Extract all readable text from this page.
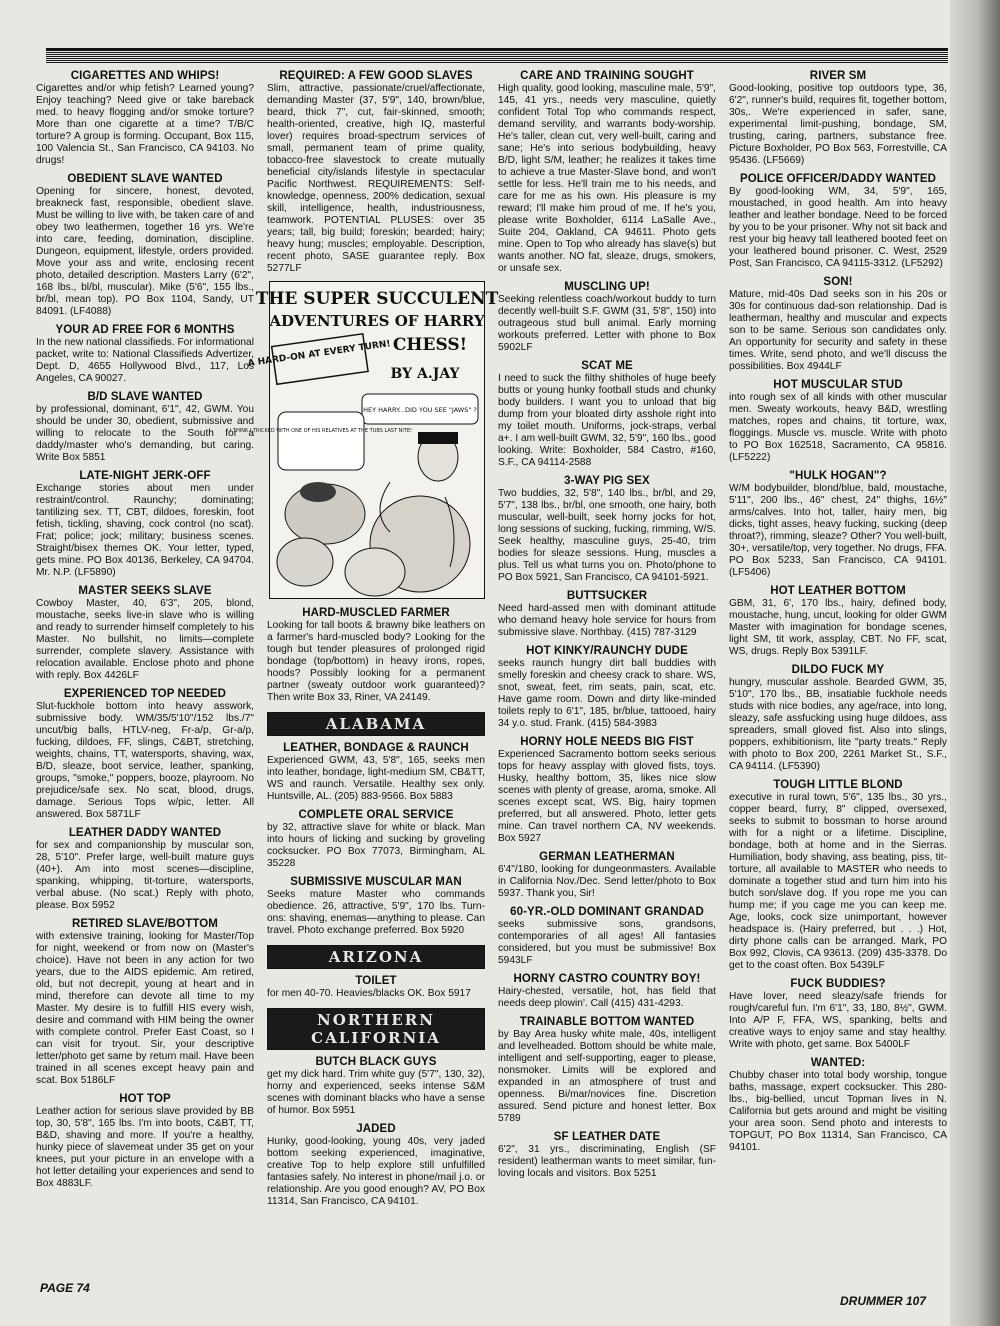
CIGARETTES AND WHIPS!

Cigarettes and/or whip fetish? Learned young? Enjoy teaching? Need give or take bareback med. to heavy flogging and/or smoke torture? More than one cigarette at a time? T/B/C torture? A group is forming. Occupant, Box 115, 100 Valencia St., San Francisco, CA 94103. No drugs!

OBEDIENT SLAVE WANTED

Opening for sincere, honest, devoted, breakneck fast, responsible, obedient slave. Must be willing to live with, be taken care of and obey two leathermen, together 16 yrs. We're into care, feeding, domination, discipline. Dungeon, equipment, lifestyle, orders provided. Move your ass and write, enclosing recent photo, detailed description. Masters Larry (6'2", 168 lbs., bl/bl, muscular). Mike (5'6", 155 lbs., br/bl, mean top). PO Box 1104, Sandy, UT 84091. (LF4088)

YOUR AD FREE FOR 6 MONTHS

In the new national classifieds. For informational packet, write to: National Classifieds Advertizer, Dept. D, 4655 Hollywood Blvd., 117, Los Angeles, CA 90027.

B/D SLAVE WANTED

by professional, dominant, 6'1", 42, GWM. You should be under 30, obedient, submissive and willing to relocate to the South for a daddy/master who's demanding, but caring. Write Box 5851

LATE-NIGHT JERK-OFF

Exchange stories about men under restraint/control. Raunchy; dominating; tantilizing sex. TT, CBT, dildoes, foreskin, foot fetish, tickling, shaving, cock control (no scat). Frat; police; jock; military; business scenes. Straight/bisex themes OK. Your letter, typed, gets mine. PO Box 40136, Berkeley, CA 94704. Mr. N.P. (LF5890)

MASTER SEEKS SLAVE

Cowboy Master, 40, 6'3", 205, blond, moustache, seeks live-in slave who is willing and ready to surrender himself completely to his Master. No bullshit, no limits—complete surrender, complete slavery. Assistance with relocation available. Enclose photo and phone with reply. Box 4426LF

EXPERIENCED TOP NEEDED

Slut-fuckhole bottom into heavy asswork, submissive body. WM/35/5'10"/152 lbs./7" uncut/big balls, HTLV-neg, Fr-a/p, Gr-a/p, fucking, dildoes, FF, slings, C&BT, stretching, weights, chains, TT, watersports, shaving, wax, B/D, sleaze, boot service, leather, spanking, groups, "smoke," poppers, booze, playroom. No prejudice/safe sex. No scat, blood, drugs, damage. Serious Tops w/pic, letter. All answered. Box 5871LF

LEATHER DADDY WANTED

for sex and companionship by muscular son, 28, 5'10". Prefer large, well-built mature guys (40+). Am into most scenes—discipline, spanking, whipping, tit-torture, watersports, verbal abuse. (No scat.) Reply with photo, please. Box 5952

RETIRED SLAVE/BOTTOM

with extensive training, looking for Master/Top for night, weekend or from now on (Master's choice). Have not been in any action for two years, due to the AIDS epidemic. Am retired, old, but not decrepit, young at heart and in mind, therefore can devote all time to my Master. My desire is to fulfill HIS every wish, desire and command with HIM being the owner with complete control. Prefer East Coast, so I can visit for tryout. Sir, your descriptive letter/photo get same by return mail. Have been trained in all scenes except heavy pain and scat. Box 5186LF

HOT TOP

Leather action for serious slave provided by BB top, 30, 5'8", 165 lbs. I'm into boots, C&BT, TT, B&D, shaving and more. If you're a healthy, hunky piece of slavemeat under 35 get on your knees, put your picture in an envelope with a hot letter detailing your experiences and send to Box 4883LF.

REQUIRED: A FEW GOOD SLAVES

Slim, attractive, passionate/cruel/affectionate, demanding Master (37, 5'9", 140, brown/blue, beard, thick 7", cut, fair-skinned, smooth; health-oriented, creative, high IQ, masterful lover) requires broad-spectrum services of small, permanent team of prime quality, tobacco-free slavestock to create mutually beneficial city/islands lifestyle in spectacular Pacific Northwest. REQUIREMENTS: Self-knowledge, openness, 200% dedication, sexual skill, intelligence, health, industriousness, teamwork. POTENTIAL PLUSES: over 35 years; tall, big build; foreskin; bearded; hairy; heavy hung; muscles; employable. Description, recent photo, SASE guarantee reply. Box 5277LF

THE SUPER SUCCULENT
ADVENTURES OF HARRY
CHESS!
A HARD-ON AT EVERY TURN!
BY A.JAY
HEY HARRY...DID YOU SEE "JAWS" ?
I THINK I TRICKED WITH ONE OF HIS RELATIVES AT THE TUBS LAST NITE!
HARD-MUSCLED FARMER

Looking for tall boots & brawny bike leathers on a farmer's hard-muscled body? Looking for the tough but tender pleasures of prolonged rigid bondage (top/bottom) in heavy irons, ropes, hoods? Possibly looking for a permanent partner (sweaty outdoor work guaranteed)? Then write Box 33, Riner, VA 24149.

ALABAMA
LEATHER, BONDAGE & RAUNCH

Experienced GWM, 43, 5'8", 165, seeks men into leather, bondage, light-medium SM, CB&TT, WS and raunch. Versatile. Healthy sex only. Huntsville, AL. (205) 883-9566. Box 5883

COMPLETE ORAL SERVICE

by 32, attractive slave for white or black. Man into hours of licking and sucking by groveling cocksucker. PO Box 77073, Birmingham, AL 35228

SUBMISSIVE MUSCULAR MAN

Seeks mature Master who commands obedience. 26, attractive, 5'9", 170 lbs. Turn-ons: shaving, enemas—anything to please. Can travel. Photo exchange preferred. Box 5920

ARIZONA
TOILET

for men 40-70. Heavies/blacks OK. Box 5917

NORTHERN
CALIFORNIA
BUTCH BLACK GUYS

get my dick hard. Trim white guy (5'7", 130, 32), horny and experienced, seeks intense S&M scenes with dominant blacks who have a sense of humor. Box 5951

JADED

Hunky, good-looking, young 40s, very jaded bottom seeking experienced, imaginative, creative Top to help explore still unfulfilled fantasies safely. No interest in phone/mail j.o. or relationship. Are you good enough? AV, PO Box 11314, San Francisco, CA 94101.

CARE AND TRAINING SOUGHT

High quality, good looking, masculine male, 5'9", 145, 41 yrs., needs very masculine, quietly confident Total Top who commands respect, demand servility, and warrants body-worship. He's taller, clean cut, very well-built, caring and sane; He's into serious bodybuilding, heavy B/D, light S/M, leather; he realizes it takes time to achieve a true Master-Slave bond, and won't settle for less. He'll train me to his needs, and care for me as his own. His pleasure is my reward; I'll make him proud of me. If he's you, please write Boxholder, 6114 LaSalle Ave., Suite 204, Oakland, CA 94611. Photo gets mine. Open to Top who already has slave(s) but wants another. NO fat, sleaze, drugs, smokers, or unsafe sex.

MUSCLING UP!

Seeking relentless coach/workout buddy to turn decently well-built S.F. GWM (31, 5'8", 150) into outrageous stud bull animal. Early morning workouts preferred. Letter with phone to Box 5902LF

SCAT ME

I need to suck the filthy shitholes of huge beefy butts or young hunky football studs and chunky body builders. I want you to unload that big dump from your bloated dirty asshole right into my toilet mouth. Uniforms, jock-straps, verbal a+. I am well-built GWM, 32, 5'9", 160 lbs., good looking. Write: Boxholder, 584 Castro, #160, S.F., CA 94114-2588

3-WAY PIG SEX

Two buddies, 32, 5'8", 140 lbs., br/bl, and 29, 5'7", 138 lbs., br/bl, one smooth, one hairy, both muscular, well-built, seek horny jocks for hot, long sessions of sucking, fucking, rimming, W/S. Seek healthy, masculine guys, 25-40, trim bodies for sleaze sessions. Hung, muscles a plus. Tell us what turns you on. Photo/phone to PO Box 5921, San Francisco, CA 94101-5921.

BUTTSUCKER

Need hard-assed men with dominant attitude who demand heavy hole service for hours from submissive slave. Northbay. (415) 787-3129

HOT KINKY/RAUNCHY DUDE

seeks raunch hungry dirt ball buddies with smelly foreskin and cheesy crack to share. WS, snot, sweat, feet, rim seats, pain, scat, etc. Have game room. Down and dirty like-minded toilets reply to 6'1", 185, br/blue, tattooed, hairy 34 y.o. stud. Frank. (415) 584-3983

HORNY HOLE NEEDS BIG FIST

Experienced Sacramento bottom seeks serious tops for heavy assplay with gloved fists, toys. Husky, healthy bottom, 35, likes nice slow scenes with plenty of grease, aroma, smoke. All scenes except scat, WS. Big, hairy topmen preferred, but all answered. Photo, letter gets mine. Can travel northern CA, NV weekends. Box 5927

GERMAN LEATHERMAN

6'4"/180, looking for dungeonmasters. Available in California Nov./Dec. Send letter/photo to Box 5937. Thank you, Sir!

60-YR.-OLD DOMINANT GRANDAD

seeks submissive sons, grandsons, contemporaries of all ages! All fantasies considered, but you must be submissive! Box 5943LF

HORNY CASTRO COUNTRY BOY!

Hairy-chested, versatile, hot, has field that needs deep plowin'. Call (415) 431-4293.

TRAINABLE BOTTOM WANTED

by Bay Area husky white male, 40s, intelligent and levelheaded. Bottom should be white male, intelligent and self-supporting, eager to please, nonsmoker. Limits will be explored and expanded in an atmosphere of trust and openness. Bi/mar/novices fine. Discretion assured. Send picture and honest letter. Box 5789

SF LEATHER DATE

6'2", 31 yrs., discriminating, English (SF resident) leatherman wants to meet similar, fun-loving locals and visitors. Box 5251

RIVER SM

Good-looking, positive top outdoors type, 36, 6'2", runner's build, requires fit, together bottom, 30s,. We're experienced in safer, sane, experimental limit-pushing, bondage, SM, trusting, caring, partners, substance free. Picture Boxholder, PO Box 563, Forrestville, CA 95436. (LF5669)

POLICE OFFICER/DADDY WANTED

By good-looking WM, 34, 5'9", 165, moustached, in good health. Am into heavy leather and leather bondage. Need to be forced by you to be your prisoner. Why not sit back and rest your big heavy tall leathered booted feet on your leathered bound prisoner. C. West, 2529 Post, San Francisco, CA 94115-3312. (LF5292)

SON!

Mature, mid-40s Dad seeks son in his 20s or 30s for continuous dad-son relationship. Dad is leatherman, healthy and muscular and expects son to be same. Serious son candidates only. An opportunity for security and safety in these times. Write, send photo, and we'll discuss the possibilities. Box 4944LF

HOT MUSCULAR STUD

into rough sex of all kinds with other muscular men. Sweaty workouts, heavy B&D, wrestling matches, ropes and chains, tit torture, wax, floggings. Muscle vs. muscle. Write with photo to PO Box 162518, Sacramento, CA 95816. (LF5222)

"HULK HOGAN"?

W/M bodybuilder, blond/blue, bald, moustache, 5'11", 200 lbs., 46" chest, 24" thighs, 16½" arms/calves. Into hot, taller, hairy men, big dicks, tight asses, heavy fucking, sucking (deep throat?), rimming, sleaze? Other? You well-built, 30+, versatile/top, very together. No drugs, FFA. PO Box 5233, San Francisco, CA 94101. (LF5406)

HOT LEATHER BOTTOM

GBM, 31, 6', 170 lbs., hairy, defined body, moustache, hung, uncut, looking for older GWM Master with imagination for bondage scenes, light SM, tit work, assplay, CBT. No FF, scat, WS, drugs. Reply Box 5391LF.

DILDO FUCK MY

hungry, muscular asshole. Bearded GWM, 35, 5'10", 170 lbs., BB, insatiable fuckhole needs studs with nice bodies, any age/race, into long, sleazy, safe assfucking using huge dildoes, ass spreaders, small gloved fist. Also into slings, poppers, exhibitionism, lite "party treats." Reply with photo to Box 200, 2261 Market St., S.F., CA 94114. (LF5390)

TOUGH LITTLE BLOND

executive in rural town, 5'6", 135 lbs., 30 yrs., copper beard, furry, 8" clipped, oversexed, seeks to submit to bossman to horse around with for a night or a lifetime. Discipline, bondage, both at home and in the Sierras. Humiliation, body shaving, ass beating, piss, tit-torture, all available to MASTER who needs to dominate a together stud and turn him into his butch son/slave dog. If you rope me you can hump me; if you cage me you can keep me. Age, looks, cock size unimportant, however headspace is. (Hairy preferred, but . . .) Hot, dirty phone calls can be arranged. Mark, PO Box 992, Clovis, CA 93613. (209) 435-3378. Do get to the coast often. Box 5439LF

FUCK BUDDIES?

Have lover, need sleazy/safe friends for rough/careful fun. I'm 6'1", 33, 180, 8½", GWM. Into A/P F, FFA, WS, spanking, belts and creative ways to enjoy same and stay healthy. Write with photo, get same. Box 5400LF

WANTED:

Chubby chaser into total body worship, tongue baths, massage, expert cocksucker. This 280-lbs., big-bellied, uncut Topman lives in N. California but gets around and might be visiting your area soon. Send photo and interests to TOPGUT, PO Box 11314, San Francisco, CA 94101.

PAGE 74
DRUMMER 107
